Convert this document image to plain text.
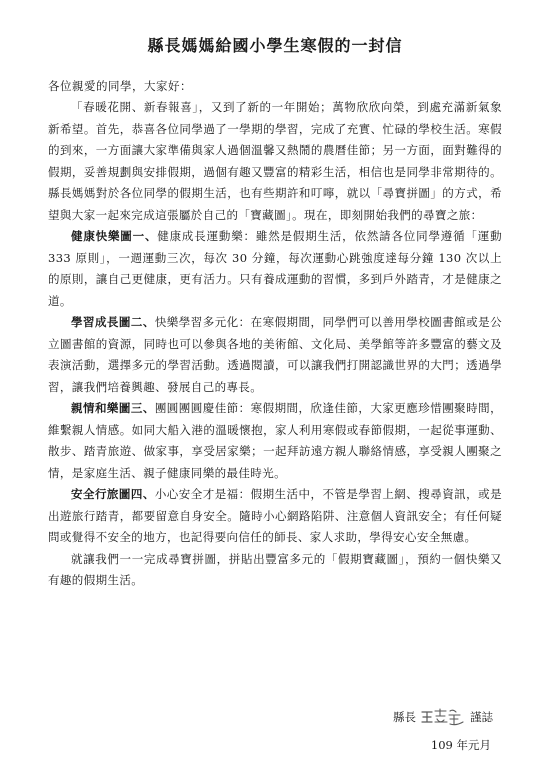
縣長媽媽給國小學生寒假的一封信

各位親愛的同學，大家好：

「春暖花開、新春報喜」，又到了新的一年開始；萬物欣欣向榮，到處充滿新氣象新希望。首先，恭喜各位同學過了一學期的學習，完成了充實、忙碌的學校生活。寒假的到來，一方面讓大家準備與家人過個溫馨又熱鬧的農曆佳節；另一方面，面對難得的假期，妥善規劃與安排假期，過個有趣又豐富的精彩生活，相信也是同學非常期待的。縣長媽媽對於各位同學的假期生活，也有些期許和叮嚀，就以「尋寶拼圖」的方式，希望與大家一起來完成這張屬於自己的「寶藏圖」。現在，即刻開始我們的尋寶之旅：

健康快樂圖一、健康成長運動樂：雖然是假期生活，依然請各位同學遵循「運動 333 原則」，一週運動三次，每次 30 分鐘，每次運動心跳強度達每分鐘 130 次以上的原則，讓自己更健康，更有活力。只有養成運動的習慣，多到戶外踏青，才是健康之道。

學習成長圖二、快樂學習多元化：在寒假期間，同學們可以善用學校圖書館或是公立圖書館的資源，同時也可以參與各地的美術館、文化局、美學館等許多豐富的藝文及表演活動，選擇多元的學習活動。透過閱讀，可以讓我們打開認識世界的大門；透過學習，讓我們培養興趣、發展自己的專長。

親情和樂圖三、團圓團圓慶佳節：寒假期間，欣逢佳節，大家更應珍惜團聚時間，維繫親人情感。如同大船入港的溫暖懷抱，家人利用寒假或春節假期，一起從事運動、散步、踏青旅遊、做家事，享受居家樂；一起拜訪遠方親人聯絡情感，享受親人團聚之情，是家庭生活、親子健康同樂的最佳時光。

安全行旅圖四、小心安全才是福：假期生活中，不管是學習上網、搜尋資訊，或是出遊旅行踏青，都要留意自身安全。隨時小心網路陷阱、注意個人資訊安全；有任何疑問或覺得不安全的地方，也記得要向信任的師長、家人求助，學得安心安全無慮。

就讓我們一一完成尋寶拼圖，拼貼出豐富多元的「假期寶藏圖」，預約一個快樂又有趣的假期生活。

縣長	謹誌
109 年元月
